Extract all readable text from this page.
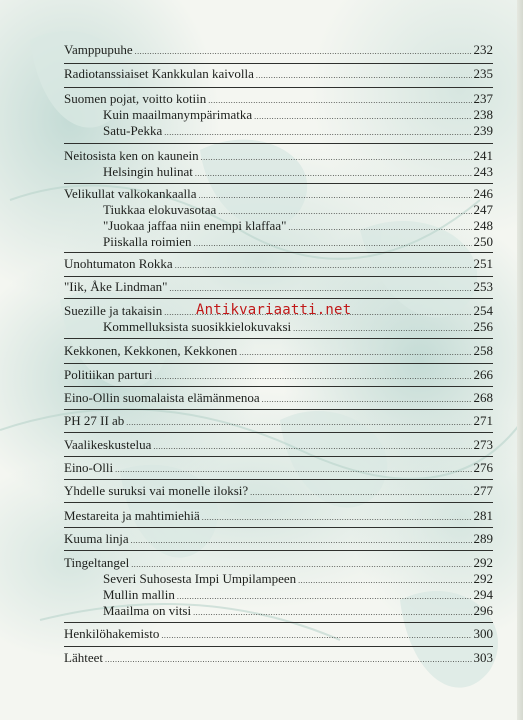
Vamppupuhe .....	232
Radiotanssiaiset Kankkulan kaivolla .....	235
Suomen pojat, voitto kotiin .....	237
Kuin maailmanympärimatka .....	238
Satu-Pekka .....	239
Neitosista ken on kaunein .....	241
Helsingin hulinat .....	243
Velikullat valkokankaalla .....	246
Tiukkaa elokuvasotaa .....	247
"Juokaa jaffaa niin enempi klaffaa" .....	248
Piiskalla roimien .....	250
Unohtumaton Rokka .....	251
"Iik, Åke Lindman" .....	253
Suezille ja takaisin .....	254
Kommelluksista suosikkielokuvaksi .....	256
Kekkonen, Kekkonen, Kekkonen .....	258
Politiikan parturi .....	266
Eino-Ollin suomalaista elämänmenoa .....	268
PH 27 II ab .....	271
Vaalikeskustelua .....	273
Eino-Olli .....	276
Yhdelle suruksi vai monelle iloksi? .....	277
Mestareita ja mahtimiehiä .....	281
Kuuma linja .....	289
Tingeltangel .....	292
Severi Suhosesta Impi Umpilampeen .....	292
Mullin mallin .....	294
Maailma on vitsi .....	296
Henkilöhakemisto .....	300
Lähteet .....	303
Antikvariaatti.net
